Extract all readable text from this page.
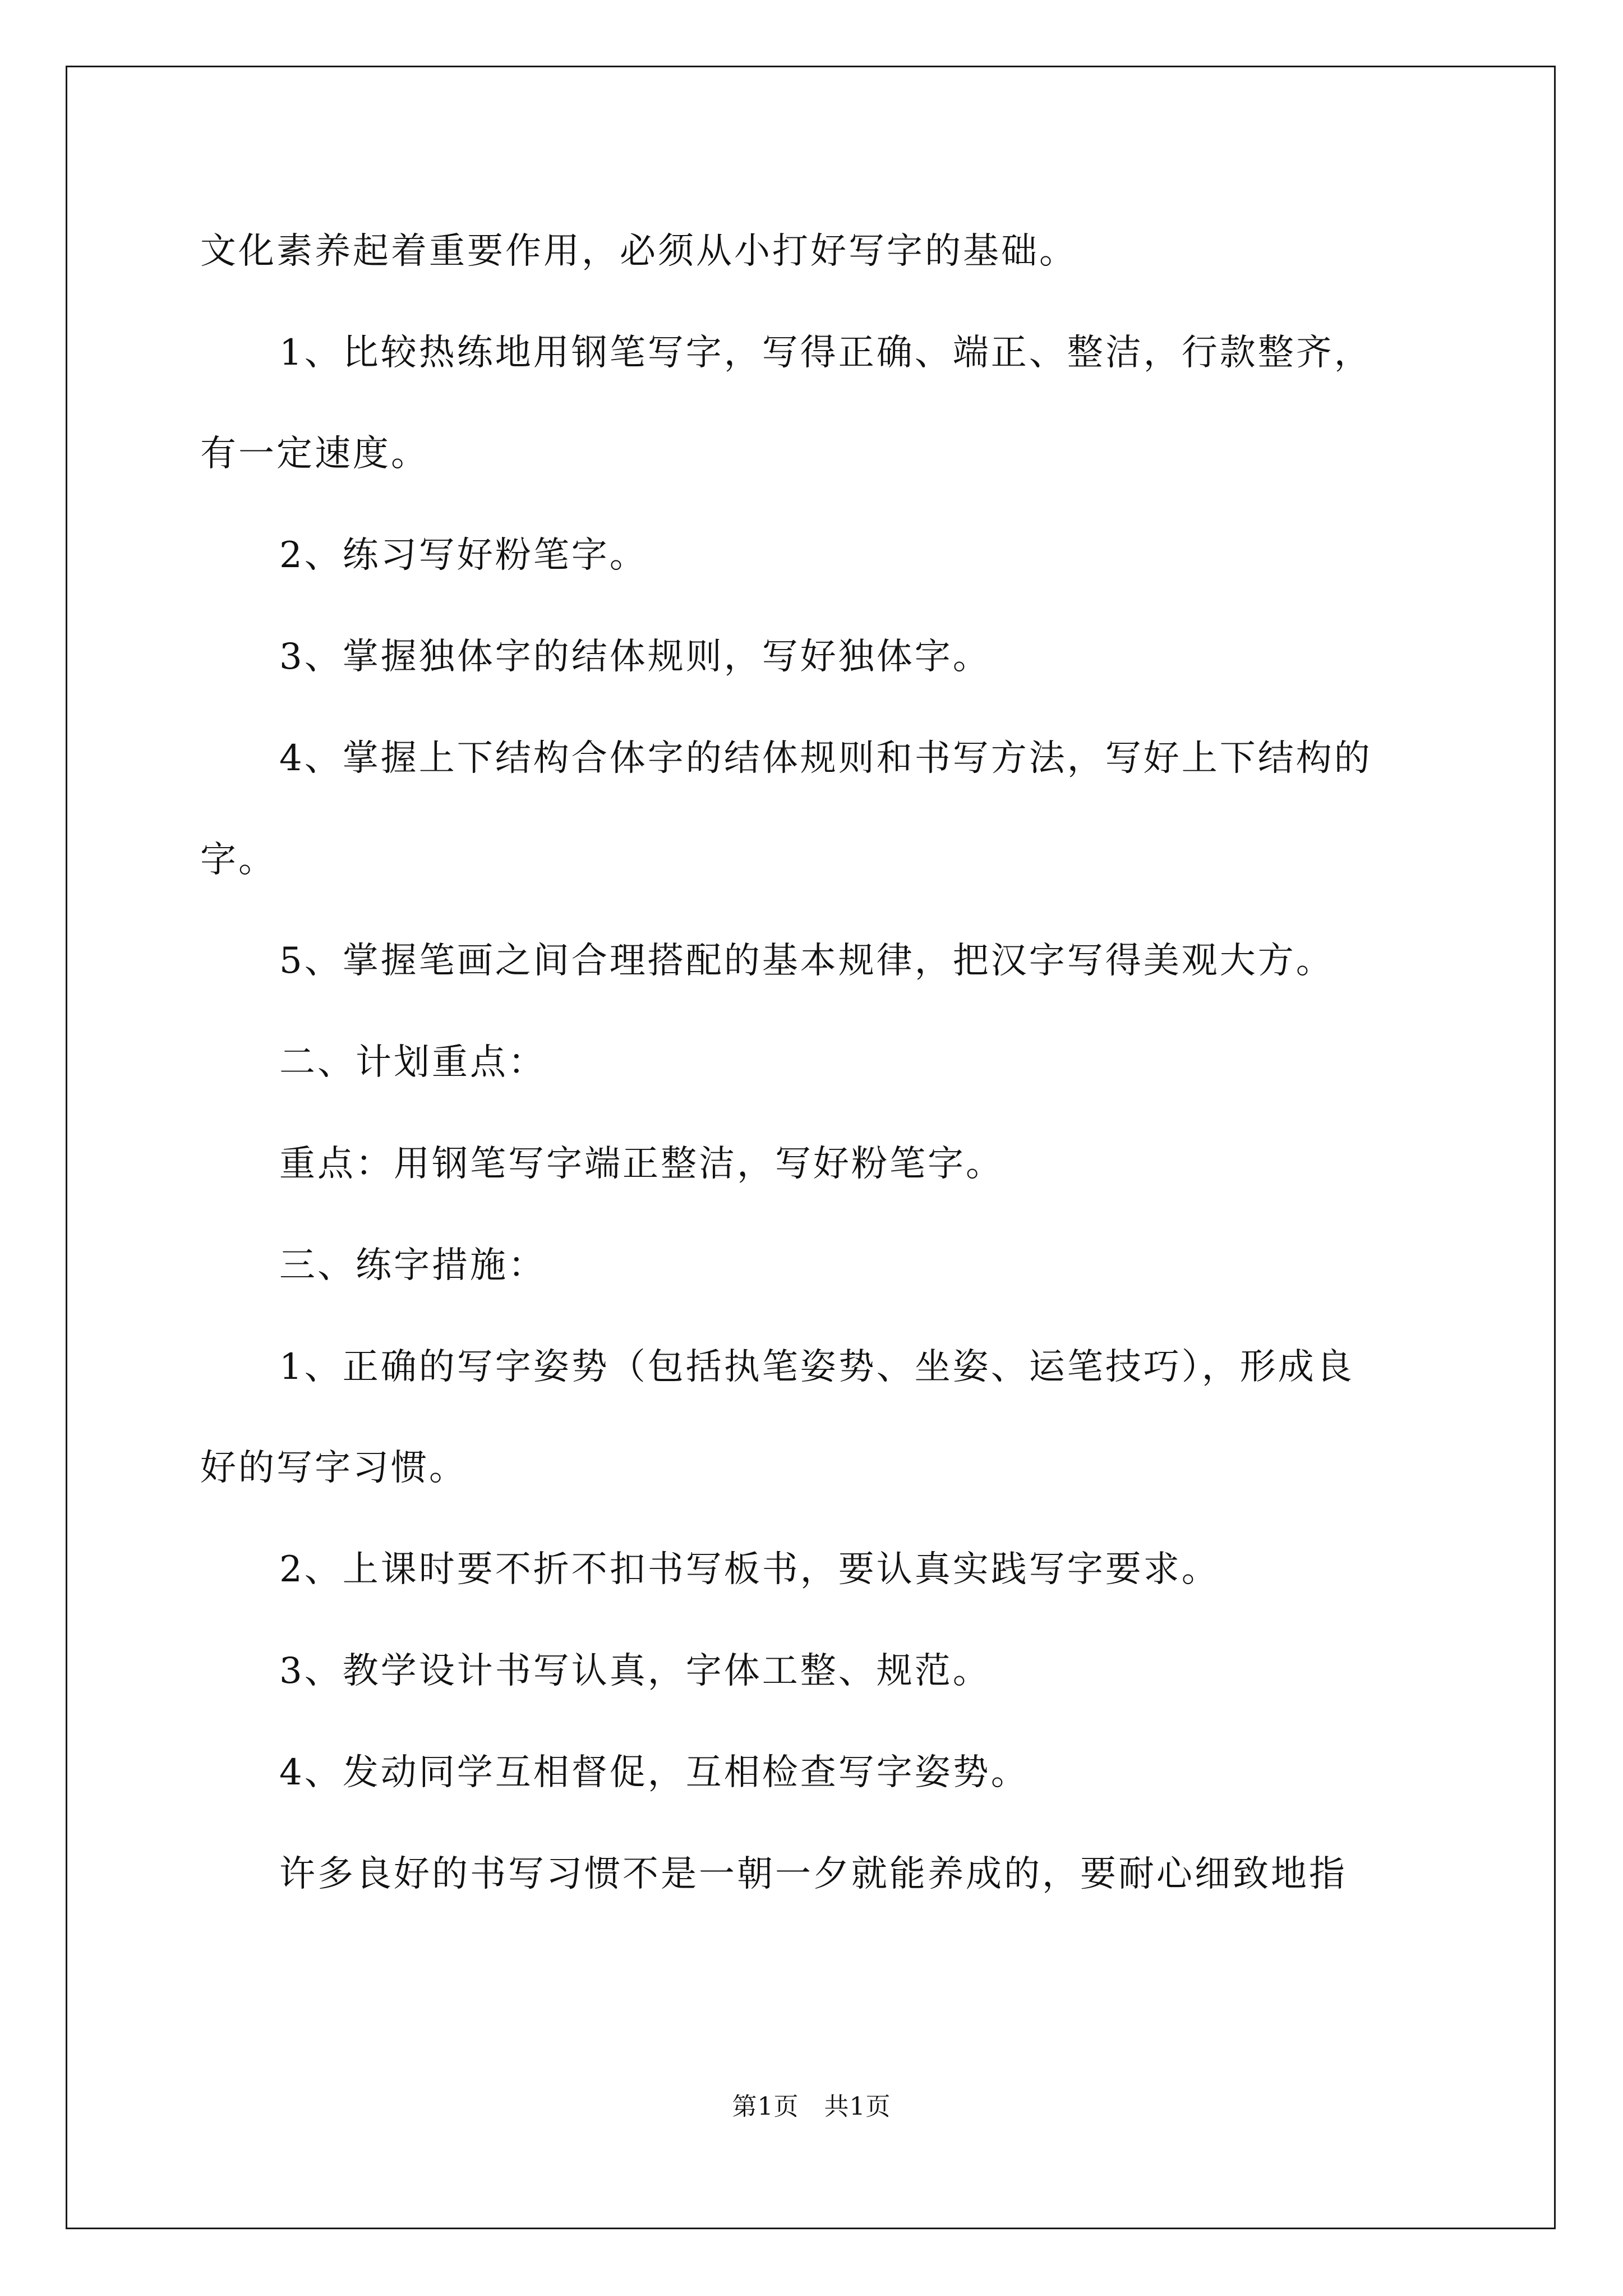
文化素养起着重要作用，必须从小打好写字的基础。
1、比较热练地用钢笔写字，写得正确、端正、整洁，行款整齐，
有一定速度。
2、练习写好粉笔字。
3、掌握独体字的结体规则，写好独体字。
4、掌握上下结构合体字的结体规则和书写方法，写好上下结构的
字。
5、掌握笔画之间合理搭配的基本规律，把汉字写得美观大方。
二、计划重点：
重点：用钢笔写字端正整洁，写好粉笔字。
三、练字措施：
1、正确的写字姿势（包括执笔姿势、坐姿、运笔技巧），形成良
好的写字习惯。
2、上课时要不折不扣书写板书，要认真实践写字要求。
3、教学设计书写认真，字体工整、规范。
4、发动同学互相督促，互相检查写字姿势。
许多良好的书写习惯不是一朝一夕就能养成的，要耐心细致地指
第1页　共1页
